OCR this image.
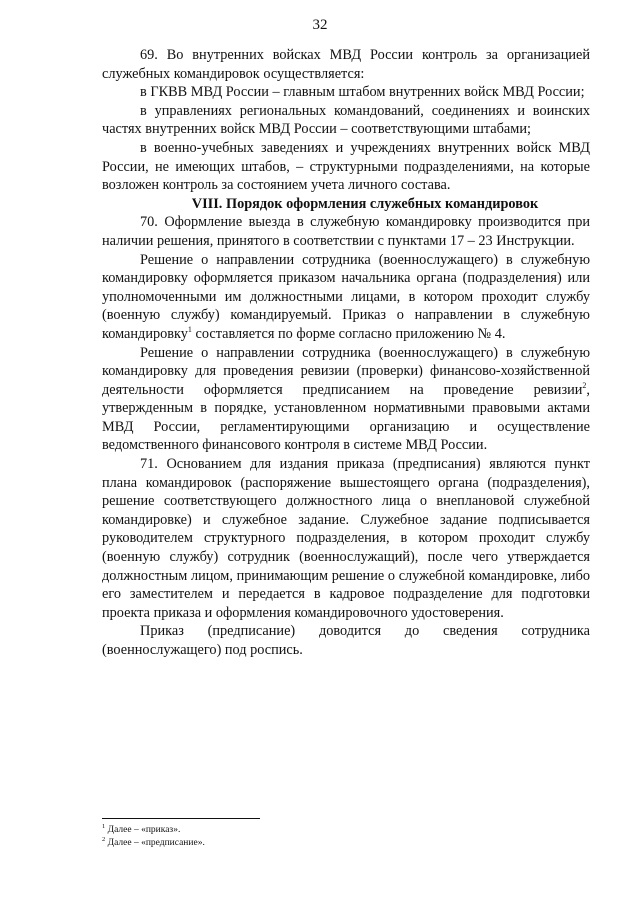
32

69. Во внутренних войсках МВД России контроль за организацией служебных командировок осуществляется:

в ГКВВ МВД России – главным штабом внутренних войск МВД России;

в управлениях региональных командований, соединениях и воинских частях внутренних войск МВД России – соответствующими штабами;

в военно-учебных заведениях и учреждениях внутренних войск МВД России, не имеющих штабов, – структурными подразделениями, на которые возложен контроль за состоянием учета личного состава.

VIII. Порядок оформления служебных командировок

70. Оформление выезда в служебную командировку производится при наличии решения, принятого в соответствии с пунктами 17 – 23 Инструкции.

Решение о направлении сотрудника (военнослужащего) в служебную командировку оформляется приказом начальника органа (подразделения) или уполномоченными им должностными лицами, в котором проходит службу (военную службу) командируемый. Приказ о направлении в служебную командировку$^1$ составляется по форме согласно приложению № 4.

Решение о направлении сотрудника (военнослужащего) в служебную командировку для проведения ревизии (проверки) финансово-хозяйственной деятельности оформляется предписанием на проведение ревизии$^2$, утвержденным в порядке, установленном нормативными правовыми актами МВД России, регламентирующими организацию и осуществление ведомственного финансового контроля в системе МВД России.

71. Основанием для издания приказа (предписания) являются пункт плана командировок (распоряжение вышестоящего органа (подразделения), решение соответствующего должностного лица о внеплановой служебной командировке) и служебное задание. Служебное задание подписывается руководителем структурного подразделения, в котором проходит службу (военную службу) сотрудник (военнослужащий), после чего утверждается должностным лицом, принимающим решение о служебной командировке, либо его заместителем и передается в кадровое подразделение для подготовки проекта приказа и оформления командировочного удостоверения.

Приказ (предписание) доводится до сведения сотрудника (военнослужащего) под роспись.

$^1$ Далее – «приказ».
$^2$ Далее – «предписание».
